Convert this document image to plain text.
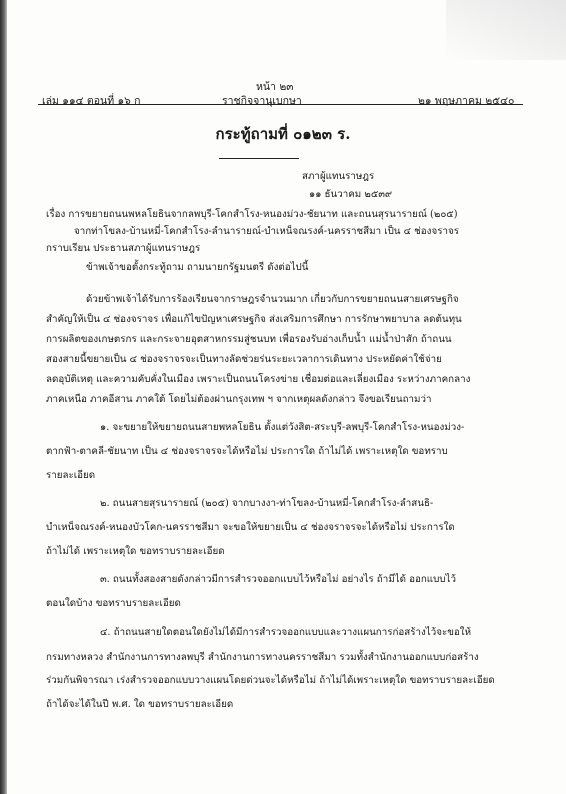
หน้า ๒๓
เล่ม ๑๑๔ ตอนที่ ๑๖ ก	ราชกิจจานุเบกษา	๒๑ พฤษภาคม ๒๕๔๐
กระทู้ถามที่ ๐๑๒๓ ร.
สภาผู้แทนราษฎร
๑๑ ธันวาคม ๒๕๓๙
เรื่อง การขยายถนนพหลโยธินจากลพบุรี-โคกสำโรง-หนองม่วง-ชัยนาท และถนนสุรนารายณ์ (๒๐๕)
จากท่าโขลง-บ้านหมี่-โคกสำโรง-ลำนารายณ์-บำเหน็จณรงค์-นครราชสีมา เป็น ๔ ช่องจราจร
กราบเรียน ประธานสภาผู้แทนราษฎร
ข้าพเจ้าขอตั้งกระทู้ถาม ถามนายกรัฐมนตรี ดังต่อไปนี้
ด้วยข้าพเจ้าได้รับการร้องเรียนจากราษฎรจำนวนมาก เกี่ยวกับการขยายถนนสายเศรษฐกิจ
สำคัญให้เป็น ๔ ช่องจราจร เพื่อแก้ไขปัญหาเศรษฐกิจ ส่งเสริมการศึกษา การรักษาพยาบาล ลดต้นทุน
การผลิตของเกษตรกร และกระจายอุตสาหกรรมสู่ชนบท เพื่อรองรับอ่างเก็บน้ำ แม่น้ำป่าสัก ถ้าถนน
สองสายนี้ขยายเป็น ๔ ช่องจราจรจะเป็นทางลัดช่วยร่นระยะเวลาการเดินทาง ประหยัดค่าใช้จ่าย
ลดอุบัติเหตุ และความคับคั่งในเมือง เพราะเป็นถนนโครงข่าย เชื่อมต่อและเลี่ยงเมือง ระหว่างภาคกลาง
ภาคเหนือ ภาคอีสาน ภาคใต้ โดยไม่ต้องผ่านกรุงเทพ ฯ จากเหตุผลดังกล่าว จึงขอเรียนถามว่า
๑. จะขยายให้ขยายถนนสายพหลโยธิน ตั้งแต่วังสิต-สระบุรี-ลพบุรี-โคกสำโรง-หนองม่วง-
ตากฟ้า-ตาคลี-ชัยนาท เป็น ๔ ช่องจราจรจะได้หรือไม่ ประการใด ถ้าไม่ได้ เพราะเหตุใด ขอทราบ
รายละเอียด
๒. ถนนสายสุรนารายณ์ (๒๐๕) จากบางงา-ท่าโขลง-บ้านหมี่-โคกสำโรง-ลำสนธิ-
บำเหน็จณรงค์-หนองบัวโคก-นครราชสีมา จะขอให้ขยายเป็น ๔ ช่องจราจรจะได้หรือไม่ ประการใด
ถ้าไม่ได้ เพราะเหตุใด ขอทราบรายละเอียด
๓. ถนนทั้งสองสายดังกล่าวมีการสำรวจออกแบบไว้หรือไม่ อย่างไร ถ้ามีได้ ออกแบบไว้
ตอนใดบ้าง ขอทราบรายละเอียด
๔. ถ้าถนนสายใดตอนใดยังไม่ได้มีการสำรวจออกแบบและวางแผนการก่อสร้างไว้จะขอให้
กรมทางหลวง สำนักงานการทางลพบุรี สำนักงานการทางนครราชสีมา รวมทั้งสำนักงานออกแบบก่อสร้าง
ร่วมกันพิจารณา เร่งสำรวจออกแบบวางแผนโดยด่วนจะได้หรือไม่ ถ้าไม่ได้เพราะเหตุใด ขอทราบรายละเอียด
ถ้าได้จะได้ในปี พ.ศ. ใด ขอทราบรายละเอียด
